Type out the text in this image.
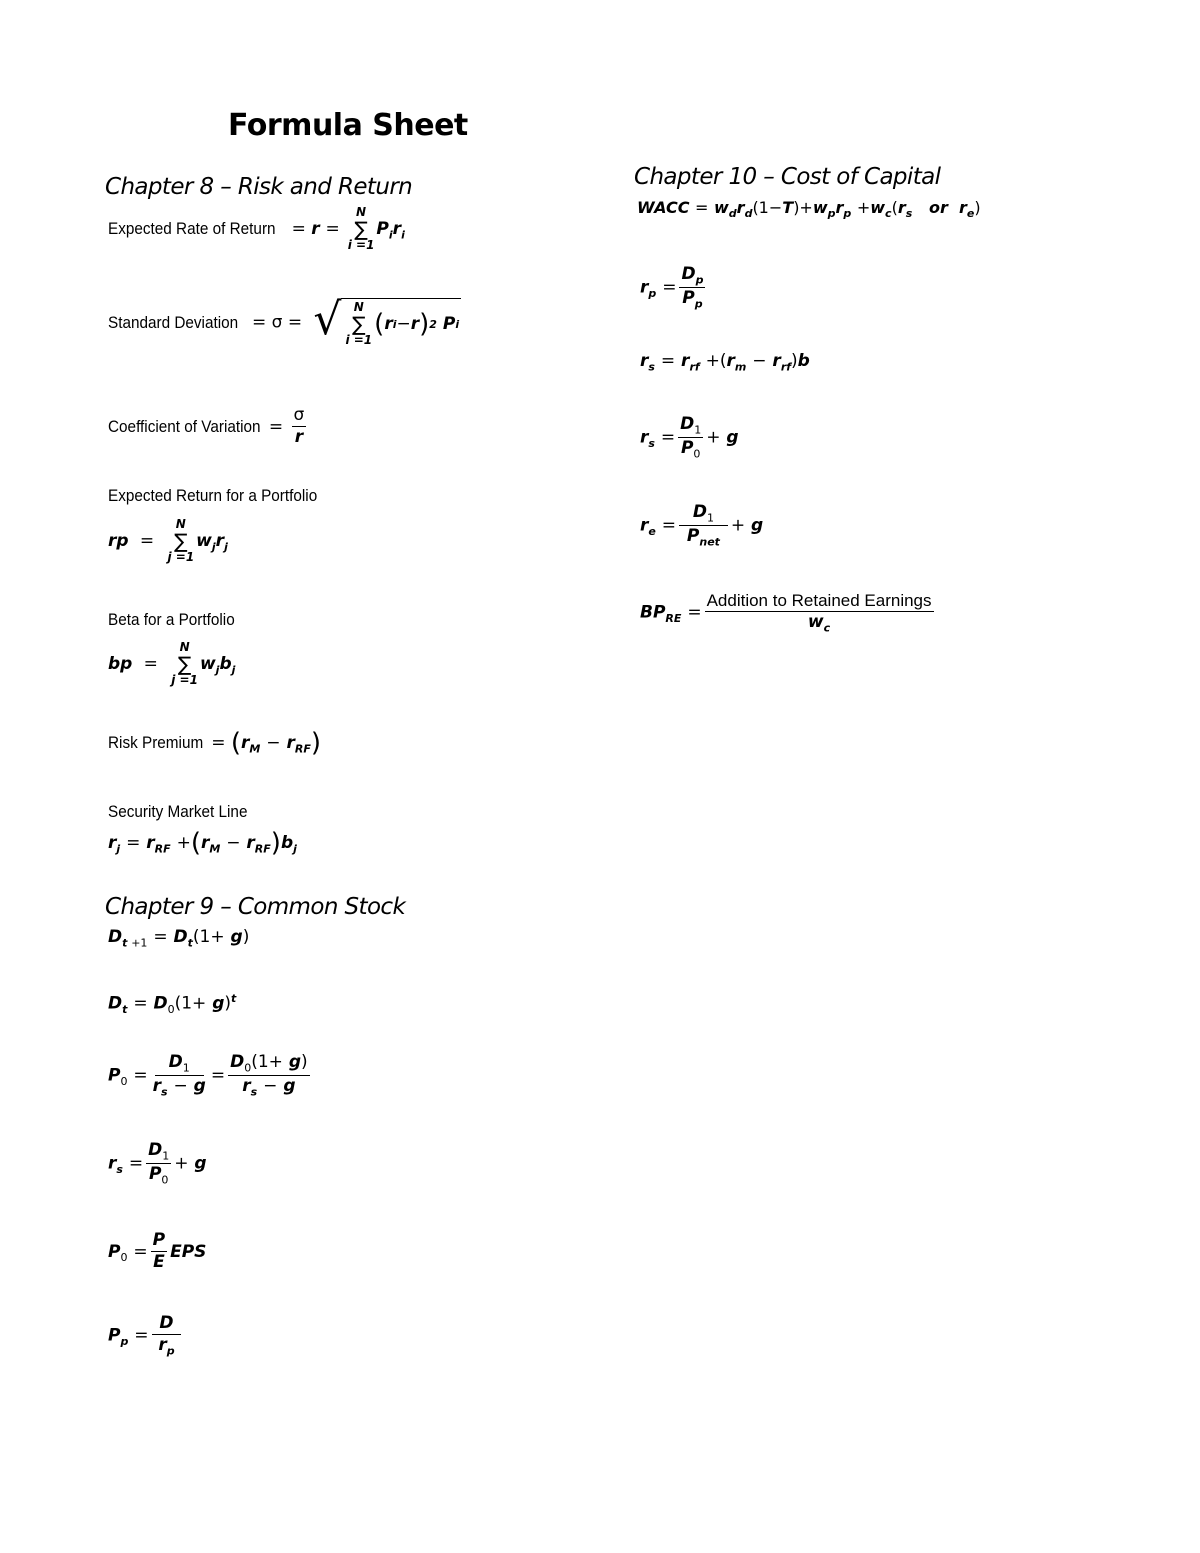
Formula Sheet
Chapter 8 – Risk and Return
Expected Rate of Return = r =
N
∑
i =1
$P_ir_i$
Standard Deviation = σ = √ N
∑
i =1
( r i − r ) 2 P i
Coefficient of Variation = $\frac{\sigma}{r}$
Expected Return for a Portfolio
rp  =
N
∑
j =1
$w_jr_j$
Beta for a Portfolio
bp  =
N
∑
j =1
$w_jb_j$
Risk Premium = $(r_M - r_{RF})$
Security Market Line
$r_j = r_{RF} +(r_M - r_{RF})b_j$
Chapter 9 – Common Stock
$D_{t +1} = D_t(1+ g)$
$D_t = D_0(1+ g)^t$
$P_0 = \frac{D_1}{r_s - g} = \frac{D_0(1+ g)}{r_s - g}$
$r_s = \frac{D_1}{P_0} + g$
$P_0 = \frac{P}{E}$ EPS
$P_p = \frac{D}{r_p}$
Chapter 10 – Cost of Capital
WACC = $w_dr_d(1-T)+w_pr_p +w_c(r_s$   or  $r_e$)
$r_p = \frac{D_p}{P_p}$
$r_s = r_{rf} +(r_m - r_{rf})b$
$r_s = \frac{D_1}{P_0} + g$
$r_e = \frac{D_1}{P_{net}} + g$
$BP_{RE} = \frac{\text{Addition to Retained Earnings}}{w_c}$
